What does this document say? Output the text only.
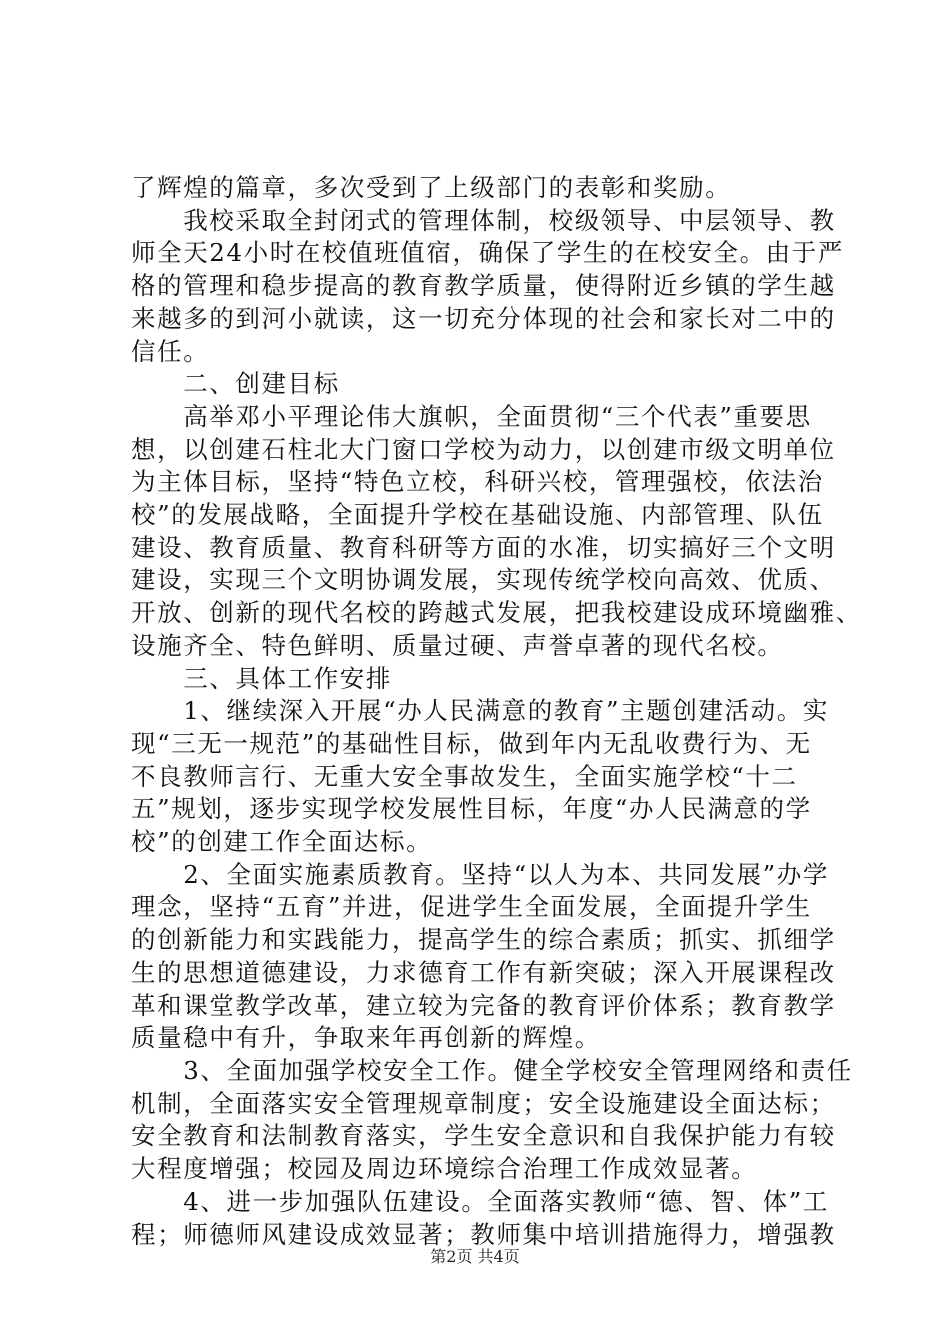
了辉煌的篇章，多次受到了上级部门的表彰和奖励。

　　我校采取全封闭式的管理体制，校级领导、中层领导、教

师全天24小时在校值班值宿，确保了学生的在校安全。由于严

格的管理和稳步提高的教育教学质量，使得附近乡镇的学生越

来越多的到河小就读，这一切充分体现的社会和家长对二中的

信任。

　　二、创建目标

　　高举邓小平理论伟大旗帜，全面贯彻“三个代表”重要思

想，以创建石柱北大门窗口学校为动力，以创建市级文明单位

为主体目标，坚持“特色立校，科研兴校，管理强校，依法治

校”的发展战略，全面提升学校在基础设施、内部管理、队伍

建设、教育质量、教育科研等方面的水准，切实搞好三个文明

建设，实现三个文明协调发展，实现传统学校向高效、优质、

开放、创新的现代名校的跨越式发展，把我校建设成环境幽雅、

设施齐全、特色鲜明、质量过硬、声誉卓著的现代名校。

　　三、具体工作安排

　　1、继续深入开展“办人民满意的教育”主题创建活动。实

现“三无一规范”的基础性目标，做到年内无乱收费行为、无

不良教师言行、无重大安全事故发生，全面实施学校“十二

五”规划，逐步实现学校发展性目标，年度“办人民满意的学

校”的创建工作全面达标。

　　2、全面实施素质教育。坚持“以人为本、共同发展”办学

理念，坚持“五育”并进，促进学生全面发展，全面提升学生

的创新能力和实践能力，提高学生的综合素质；抓实、抓细学

生的思想道德建设，力求德育工作有新突破；深入开展课程改

革和课堂教学改革，建立较为完备的教育评价体系；教育教学

质量稳中有升，争取来年再创新的辉煌。

　　3、全面加强学校安全工作。健全学校安全管理网络和责任

机制，全面落实安全管理规章制度；安全设施建设全面达标；

安全教育和法制教育落实，学生安全意识和自我保护能力有较

大程度增强；校园及周边环境综合治理工作成效显著。

　　4、进一步加强队伍建设。全面落实教师“德、智、体”工

程；师德师风建设成效显著；教师集中培训措施得力，增强教

第2页 共4页
